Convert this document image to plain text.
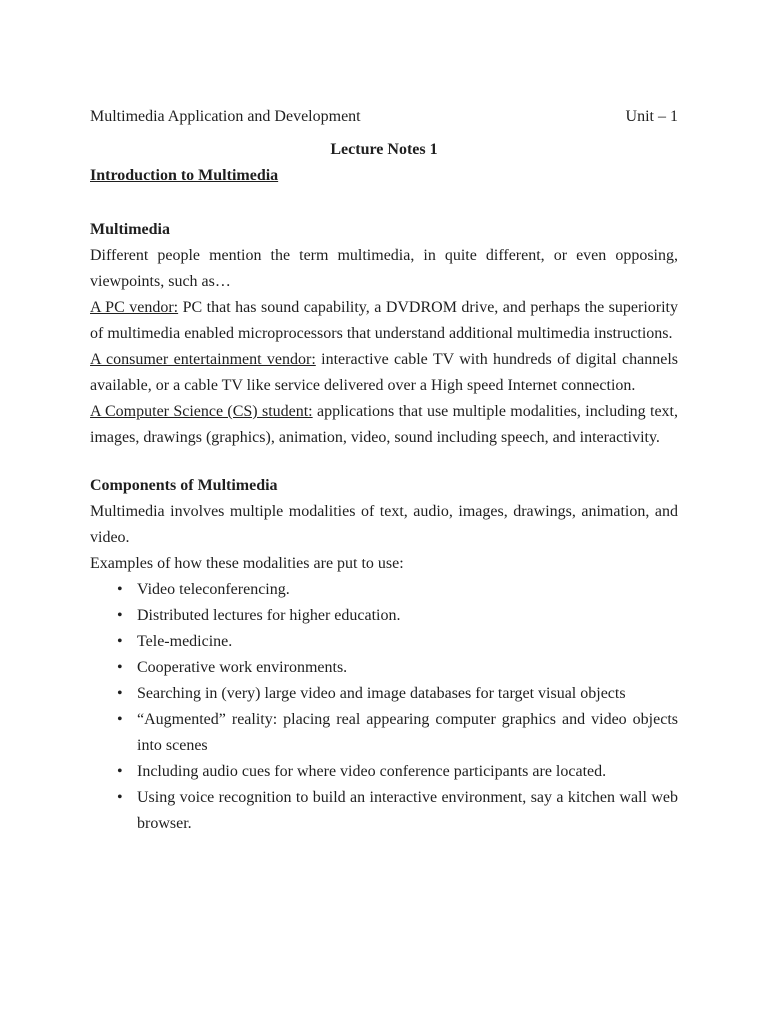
Multimedia Application and Development	Unit – 1
Lecture Notes 1
Introduction to Multimedia
Multimedia
Different people mention the term multimedia, in quite different, or even opposing, viewpoints, such as…
A PC vendor: PC that has sound capability, a DVDROM drive, and perhaps the superiority of multimedia enabled microprocessors that understand additional multimedia instructions.
A consumer entertainment vendor: interactive cable TV with hundreds of digital channels available, or a cable TV like service delivered over a High speed Internet connection.
A Computer Science (CS) student: applications that use multiple modalities, including text, images, drawings (graphics), animation, video, sound including speech, and interactivity.
Components of Multimedia
Multimedia involves multiple modalities of text, audio, images, drawings, animation, and video.
Examples of how these modalities are put to use:
• Video teleconferencing.
• Distributed lectures for higher education.
• Tele-medicine.
• Cooperative work environments.
• Searching in (very) large video and image databases for target visual objects
• “Augmented” reality: placing real appearing computer graphics and video objects into scenes
• Including audio cues for where video conference participants are located.
• Using voice recognition to build an interactive environment, say a kitchen wall web browser.
